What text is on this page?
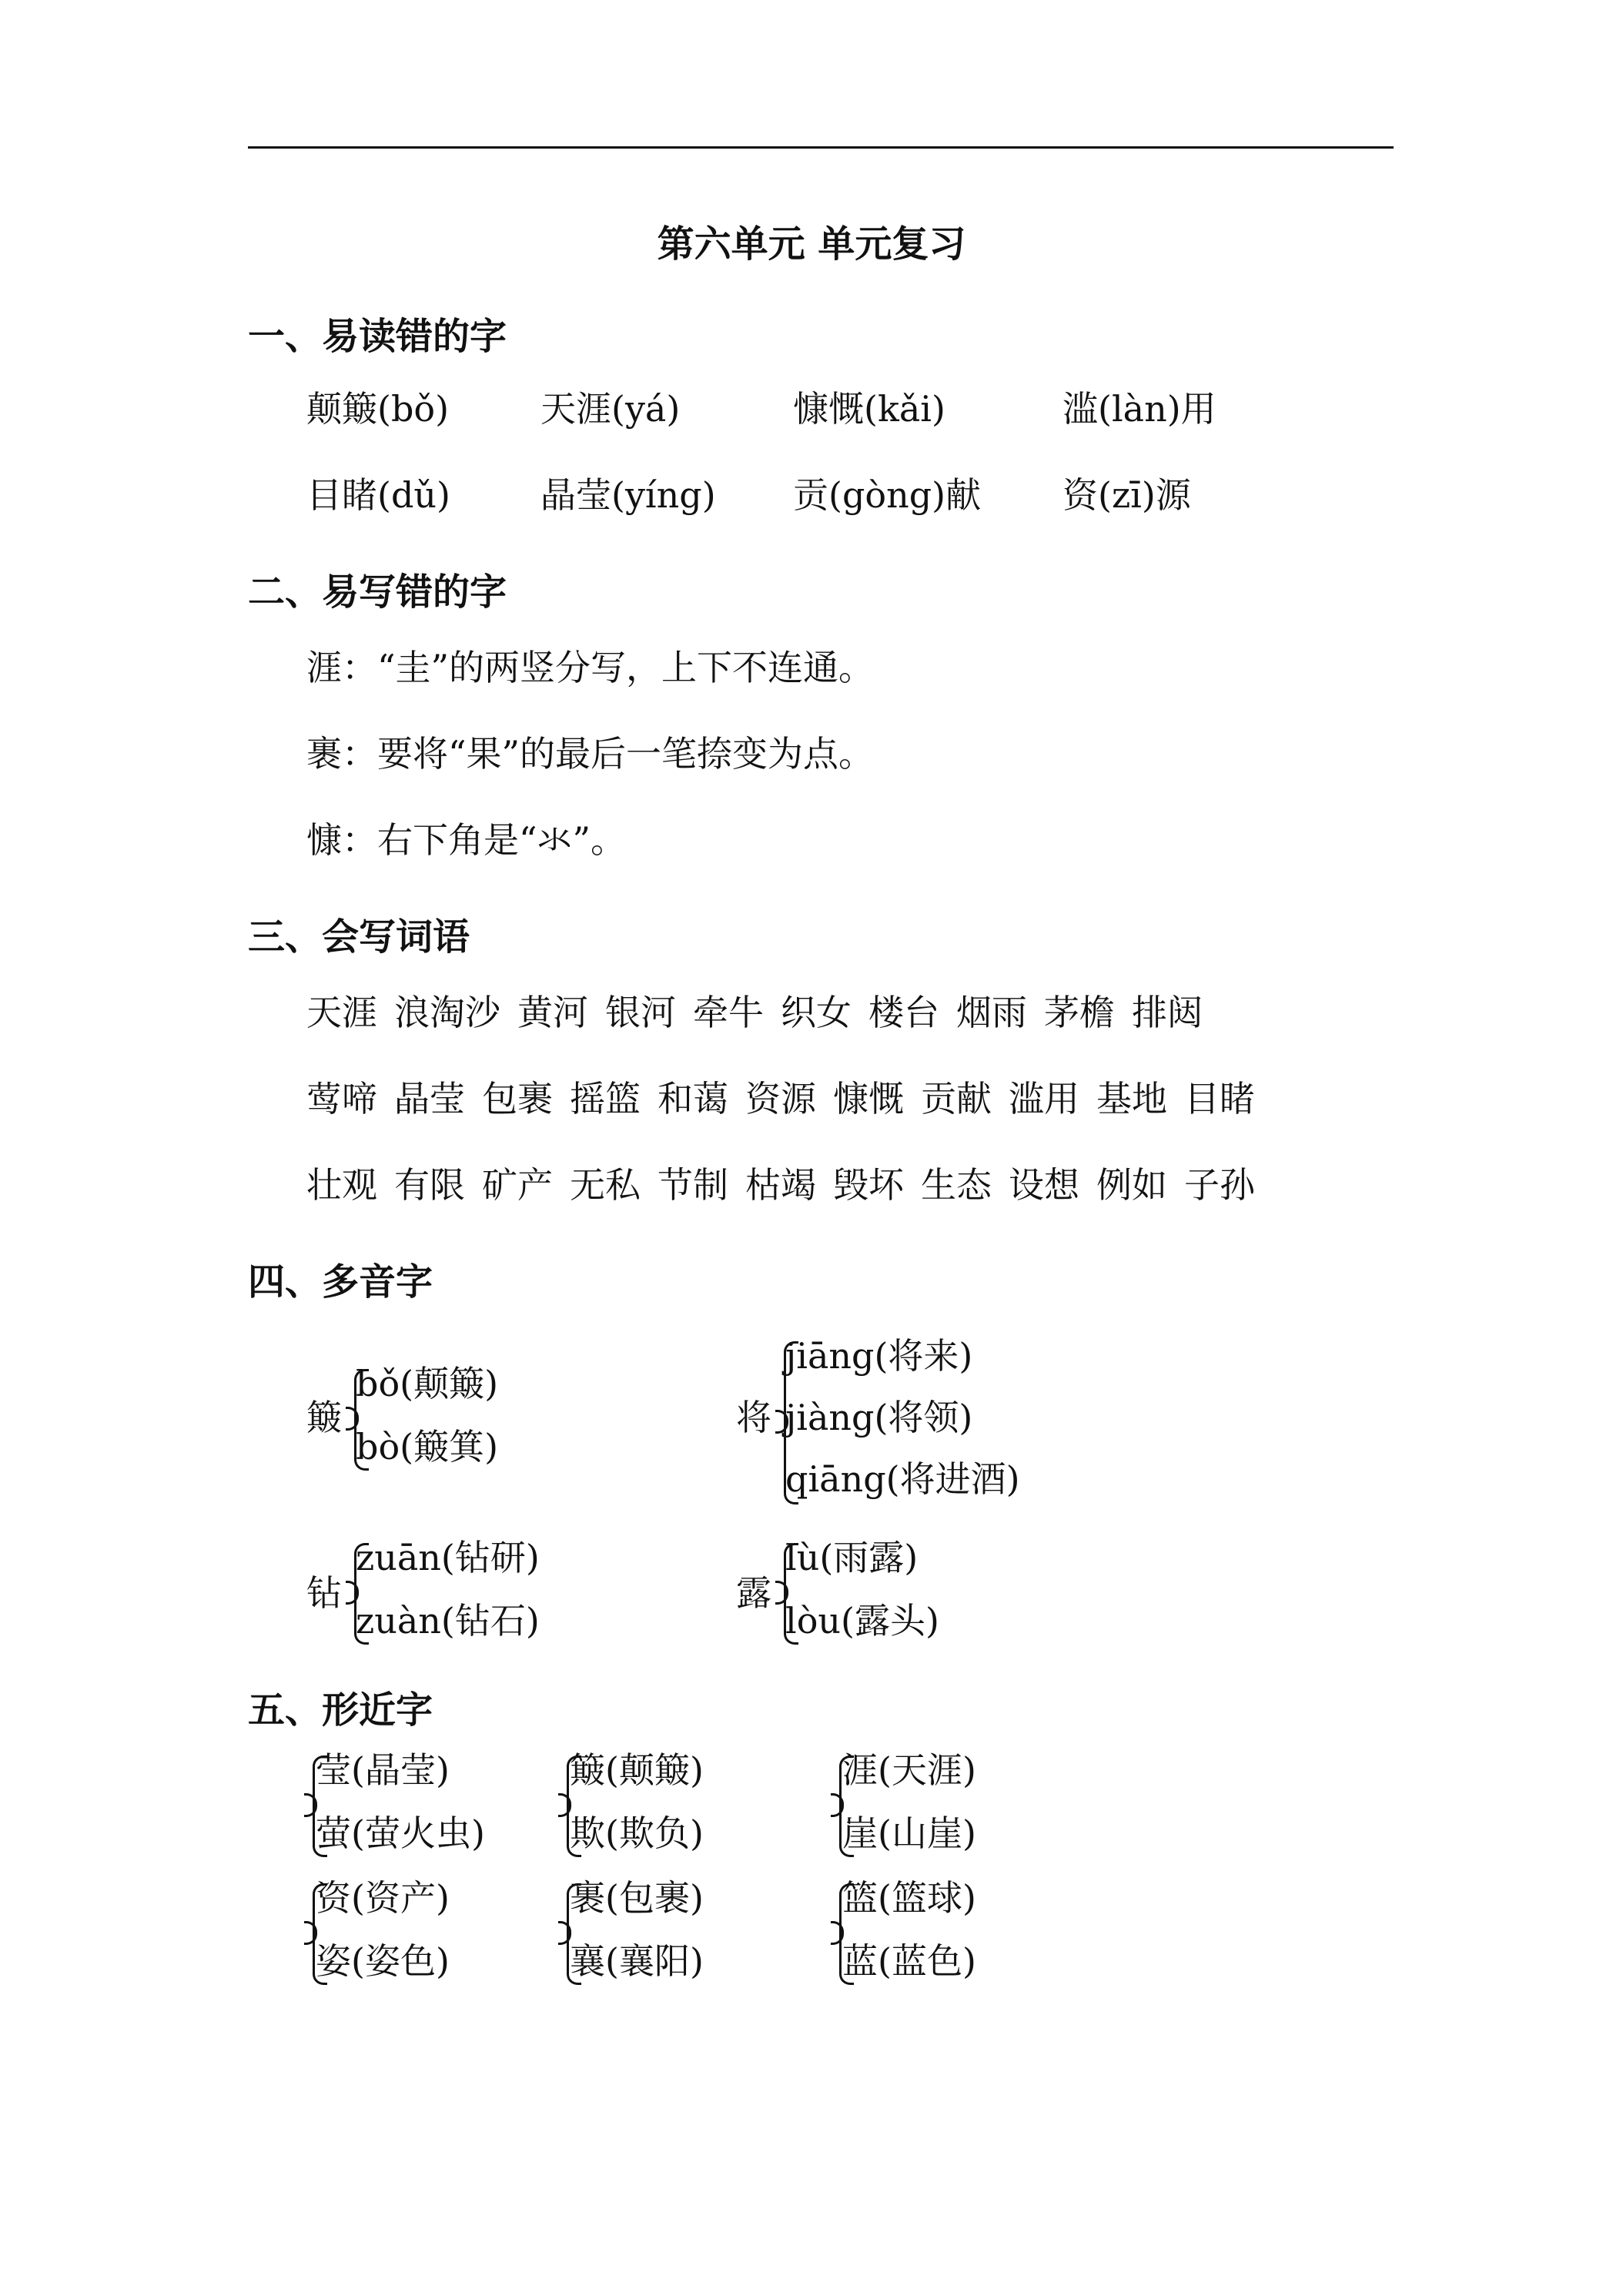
第六单元 单元复习
一、易读错的字
颠簸(bǒ)	天涯(yá)	慷慨(kǎi)	滥(làn)用
目睹(dǔ)	晶莹(yíng) 贡(gòng)献 资(zī)源
二、易写错的字
涯：“圭”的两竖分写，上下不连通。
裹：要将“果”的最后一笔捺变为点。
慷：右下角是“氺”。
三、会写词语
天涯 浪淘沙 黄河 银河 牵牛 织女 楼台 烟雨 茅檐 排闼
莺啼 晶莹 包裹 摇篮 和蔼 资源 慷慨 贡献 滥用 基地 目睹
壮观 有限 矿产 无私 节制 枯竭 毁坏 生态 设想 例如 子孙
四、多音字
簸
bǒ(颠簸)
bò(簸箕)
将
jiāng(将来)
jiàng(将领)
qiāng(将进酒)
钻
zuān(钻研)
zuàn(钻石)
露
lù(雨露)
lòu(露头)
五、形近字
莹(晶莹)
萤(萤火虫)
簸(颠簸)
欺(欺负)
涯(天涯)
崖(山崖)
资(资产)
姿(姿色)
裹(包裹)
襄(襄阳)
篮(篮球)
蓝(蓝色)
